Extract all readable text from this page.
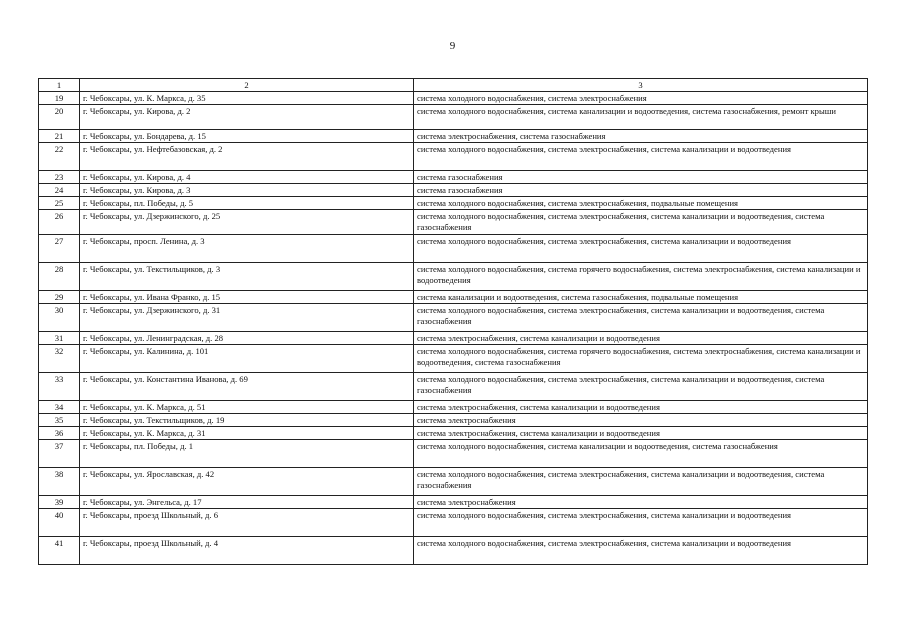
9
1	2	3
19	г. Чебоксары, ул. К. Маркса, д. 35	система холодного водоснабжения, система электроснабжения
20	г. Чебоксары, ул. Кирова, д. 2	система холодного водоснабжения, система канализации и водоотведения, система газоснабжения, ремонт крыши
21	г. Чебоксары, ул. Бондарева, д. 15	система электроснабжения, система газоснабжения
22	г. Чебоксары, ул. Нефтебазовская, д. 2	система холодного водоснабжения, система электроснабжения, система канализации и водоотведения
23	г. Чебоксары, ул. Кирова, д. 4	система газоснабжения
24	г. Чебоксары, ул. Кирова, д. 3	система газоснабжения
25	г. Чебоксары, пл. Победы, д. 5	система холодного водоснабжения, система электроснабжения, подвальные помещения
26	г. Чебоксары, ул. Дзержинского, д. 25	система холодного водоснабжения, система электроснабжения, система канализации и водоотведения, система газоснабжения
27	г. Чебоксары, просп. Ленина, д. 3	система холодного водоснабжения, система электроснабжения, система канализации и водоотведения
28	г. Чебоксары, ул. Текстильщиков, д. 3	система холодного водоснабжения, система горячего водоснабжения, система электроснабжения, система канализации и водоотведения
29	г. Чебоксары, ул. Ивана Франко, д. 15	система канализации и водоотведения, система газоснабжения, подвальные помещения
30	г. Чебоксары, ул. Дзержинского, д. 31	система холодного водоснабжения, система электроснабжения, система канализации и водоотведения, система газоснабжения
31	г. Чебоксары, ул. Ленинградская, д. 28	система электроснабжения, система канализации и водоотведения
32	г. Чебоксары, ул. Калинина, д. 101	система холодного водоснабжения, система горячего водоснабжения, система электроснабжения, система канализации и водоотведения, система газоснабжения
33	г. Чебоксары, ул. Константина Иванова, д. 69	система холодного водоснабжения, система электроснабжения, система канализации и водоотведения, система газоснабжения
34	г. Чебоксары, ул. К. Маркса, д. 51	система электроснабжения, система канализации и водоотведения
35	г. Чебоксары, ул. Текстильщиков, д. 19	система электроснабжения
36	г. Чебоксары, ул. К. Маркса, д. 31	система электроснабжения, система канализации и водоотведения
37	г. Чебоксары, пл. Победы, д. 1	система холодного водоснабжения, система канализации и водоотведения, система газоснабжения
38	г. Чебоксары, ул. Ярославская, д. 42	система холодного водоснабжения, система электроснабжения, система канализации и водоотведения, система газоснабжения
39	г. Чебоксары, ул. Энгельса, д. 17	система электроснабжения
40	г. Чебоксары, проезд Школьный, д. 6	система холодного водоснабжения, система электроснабжения, система канализации и водоотведения
41	г. Чебоксары, проезд Школьный, д. 4	система холодного водоснабжения, система электроснабжения, система канализации и водоотведения
